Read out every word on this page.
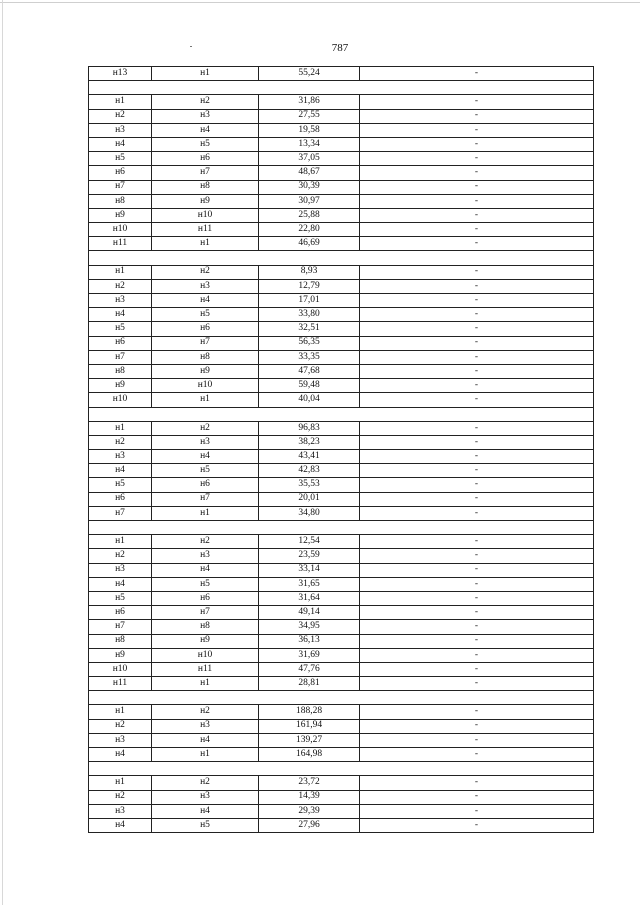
787
н13	н1	55,24	-

н1	н2	31,86	-
н2	н3	27,55	-
н3	н4	19,58	-
н4	н5	13,34	-
н5	н6	37,05	-
н6	н7	48,67	-
н7	н8	30,39	-
н8	н9	30,97	-
н9	н10	25,88	-
н10	н11	22,80	-
н11	н1	46,69	-

н1	н2	8,93	-
н2	н3	12,79	-
н3	н4	17,01	-
н4	н5	33,80	-
н5	н6	32,51	-
н6	н7	56,35	-
н7	н8	33,35	-
н8	н9	47,68	-
н9	н10	59,48	-
н10	н1	40,04	-

н1	н2	96,83	-
н2	н3	38,23	-
н3	н4	43,41	-
н4	н5	42,83	-
н5	н6	35,53	-
н6	н7	20,01	-
н7	н1	34,80	-

н1	н2	12,54	-
н2	н3	23,59	-
н3	н4	33,14	-
н4	н5	31,65	-
н5	н6	31,64	-
н6	н7	49,14	-
н7	н8	34,95	-
н8	н9	36,13	-
н9	н10	31,69	-
н10	н11	47,76	-
н11	н1	28,81	-

н1	н2	188,28	-
н2	н3	161,94	-
н3	н4	139,27	-
н4	н1	164,98	-

н1	н2	23,72	-
н2	н3	14,39	-
н3	н4	29,39	-
н4	н5	27,96	-
